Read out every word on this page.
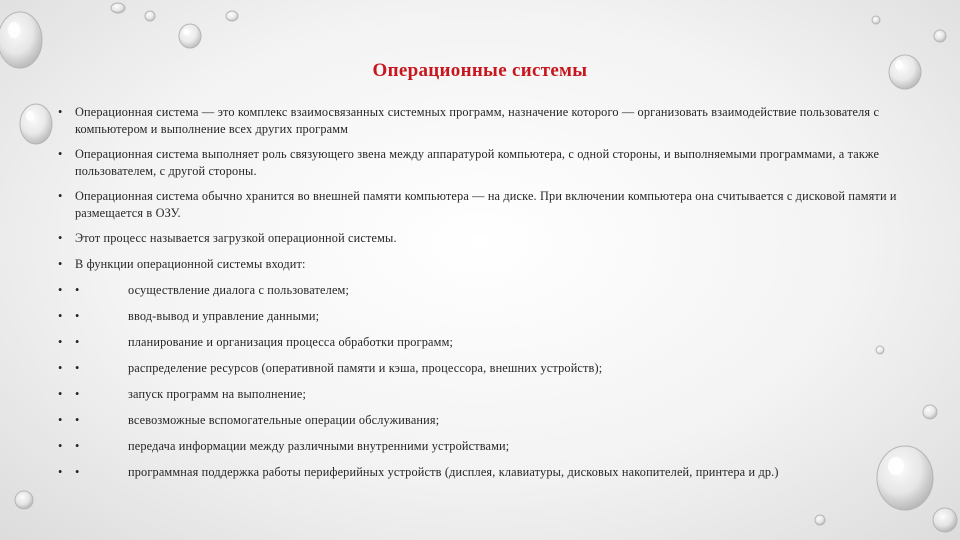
Операционные системы
• Операционная система — это комплекс взаимосвязанных системных программ, назначение которого — организовать взаимодействие пользователя с компьютером и выполнение всех других программ
• Операционная система выполняет роль связующего звена между аппаратурой компьютера, с одной стороны, и выполняемыми программами, а также пользователем, с другой стороны.
• Операционная система обычно хранится во внешней памяти компьютера — на диске. При включении компьютера она считывается с дисковой памяти и размещается в ОЗУ.
• Этот процесс называется загрузкой операционной системы.
• В функции операционной системы входит:
• •	осуществление диалога с пользователем;
• •	ввод-вывод и управление данными;
• •	планирование и организация процесса обработки программ;
• •	распределение ресурсов (оперативной памяти и кэша, процессора, внешних устройств);
• •	запуск программ на выполнение;
• •	всевозможные вспомогательные операции обслуживания;
• •	передача информации между различными внутренними устройствами;
• •	программная поддержка работы периферийных устройств (дисплея, клавиатуры, дисковых накопителей, принтера и др.)
